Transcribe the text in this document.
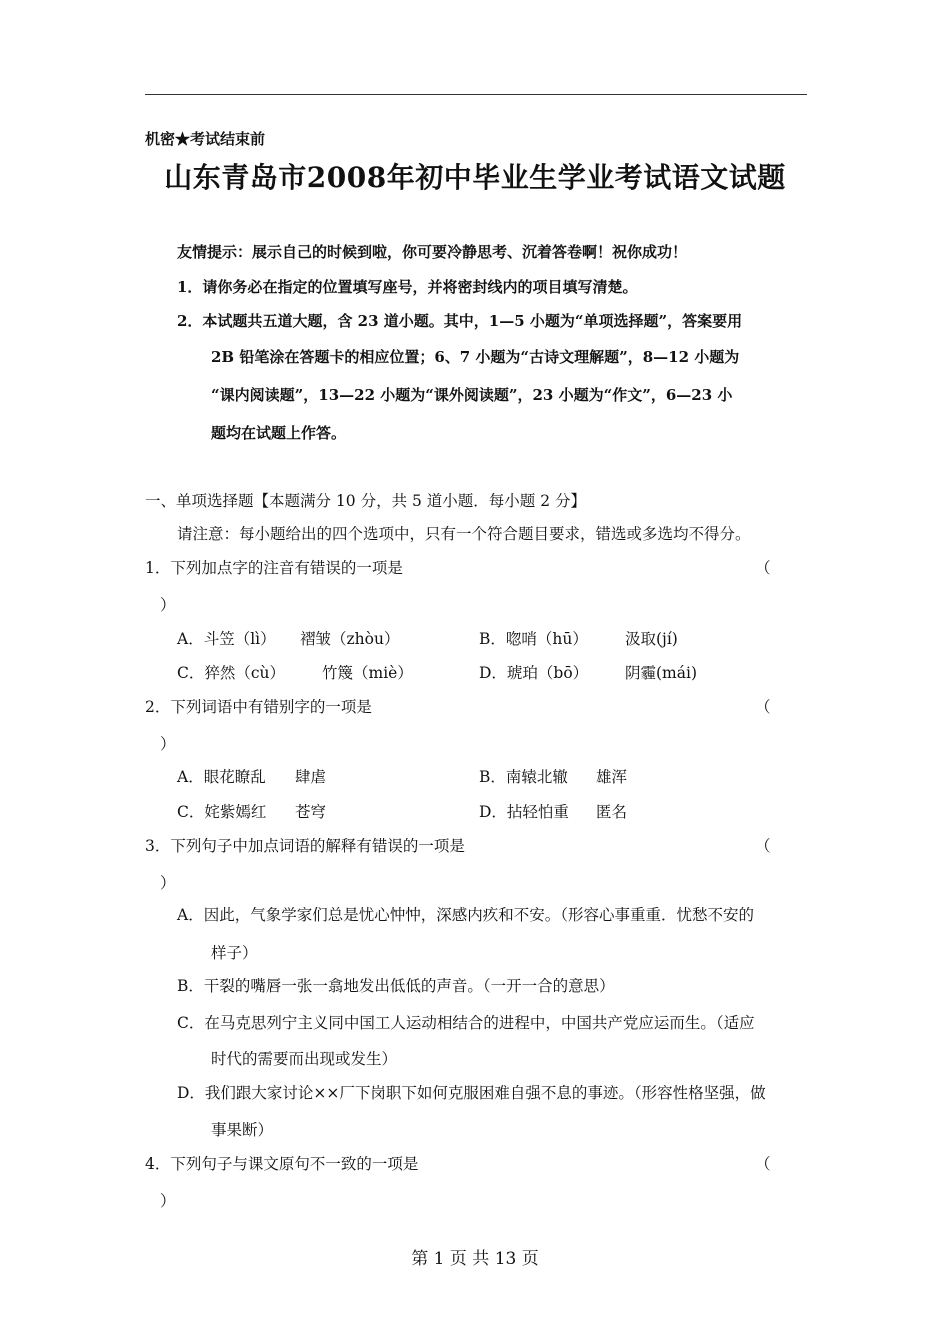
机密★考试结束前
山东青岛市2008年初中毕业生学业考试语文试题
友情提示：展示自己的时候到啦，你可要冷静思考、沉着答卷啊！祝你成功！
1．请你务必在指定的位置填写座号，并将密封线内的项目填写清楚。
2．本试题共五道大题，含 23 道小题。其中，1—5 小题为“单项选择题”，答案要用
2B 铅笔涂在答题卡的相应位置；6、7 小题为“古诗文理解题”，8—12 小题为
“课内阅读题”，13—22 小题为“课外阅读题”，23 小题为“作文”，6—23 小
题均在试题上作答。
一、单项选择题【本题满分 10 分，共 5 道小题．每小题 2 分】
请注意：每小题给出的四个选项中，只有一个符合题目要求，错选或多选均不得分。
1．下列加点字的注音有错误的一项是	（
）
A．斗笠（lì） 褶皱（zhòu）	B．唿哨（hū） 汲取(jí)
C．猝然（cù） 竹篾（miè）	D．琥珀（bō） 阴霾(mái)
2．下列词语中有错别字的一项是	（
）
A．眼花瞭乱 肆虐	B．南辕北辙 雄浑
C．姹紫嫣红 苍穹	D．拈轻怕重 匿名
3．下列句子中加点词语的解释有错误的一项是	（
）
A．因此，气象学家们总是忧心忡忡，深感内疚和不安。（形容心事重重．忧愁不安的
样子）
B．干裂的嘴唇一张一翕地发出低低的声音。（一开一合的意思）
C．在马克思列宁主义同中国工人运动相结合的进程中，中国共产党应运而生。（适应
时代的需要而出现或发生）
D．我们跟大家讨论××厂下岗职下如何克服困难自强不息的事迹。（形容性格坚强，做
事果断）
4．下列句子与课文原句不一致的一项是	（
）
第 1 页 共 13 页
